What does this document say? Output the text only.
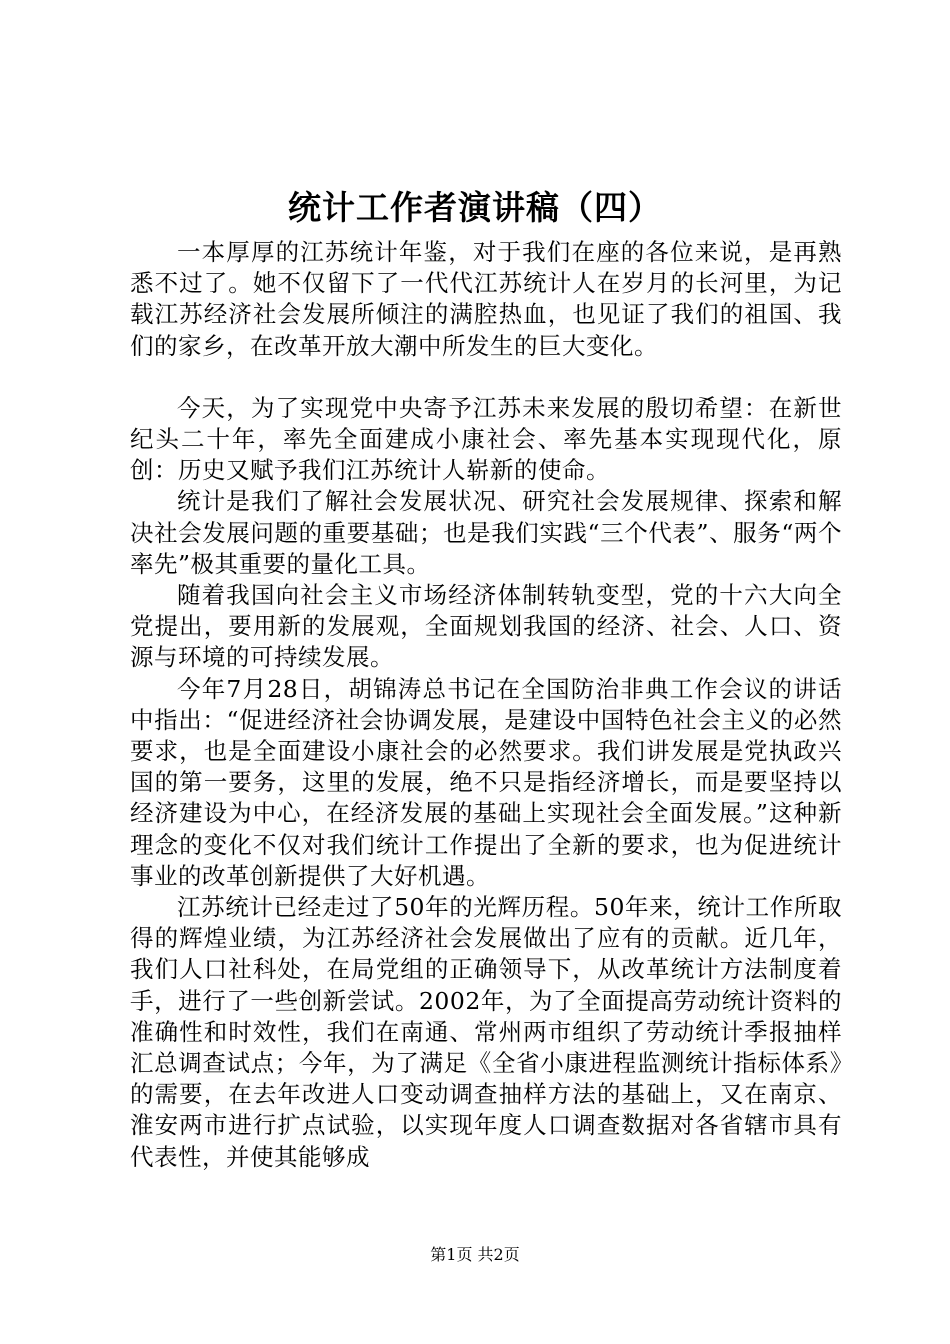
统计工作者演讲稿（四）

一本厚厚的江苏统计年鉴，对于我们在座的各位来说，是再熟悉不过了。她不仅留下了一代代江苏统计人在岁月的长河里，为记载江苏经济社会发展所倾注的满腔热血，也见证了我们的祖国、我们的家乡，在改革开放大潮中所发生的巨大变化。

今天，为了实现党中央寄予江苏未来发展的殷切希望：在新世纪头二十年，率先全面建成小康社会、率先基本实现现代化，原创：历史又赋予我们江苏统计人崭新的使命。

统计是我们了解社会发展状况、研究社会发展规律、探索和解决社会发展问题的重要基础；也是我们实践“三个代表”、服务“两个率先”极其重要的量化工具。

随着我国向社会主义市场经济体制转轨变型，党的十六大向全党提出，要用新的发展观，全面规划我国的经济、社会、人口、资源与环境的可持续发展。

今年7月28日，胡锦涛总书记在全国防治非典工作会议的讲话中指出：“促进经济社会协调发展，是建设中国特色社会主义的必然要求，也是全面建设小康社会的必然要求。我们讲发展是党执政兴国的第一要务，这里的发展，绝不只是指经济增长，而是要坚持以经济建设为中心，在经济发展的基础上实现社会全面发展。”这种新理念的变化不仅对我们统计工作提出了全新的要求，也为促进统计事业的改革创新提供了大好机遇。

江苏统计已经走过了50年的光辉历程。50年来，统计工作所取得的辉煌业绩，为江苏经济社会发展做出了应有的贡献。近几年，我们人口社科处，在局党组的正确领导下，从改革统计方法制度着手，进行了一些创新尝试。2002年，为了全面提高劳动统计资料的准确性和时效性，我们在南通、常州两市组织了劳动统计季报抽样汇总调查试点；今年，为了满足《全省小康进程监测统计指标体系》的需要，在去年改进人口变动调查抽样方法的基础上，又在南京、淮安两市进行扩点试验，以实现年度人口调查数据对各省辖市具有代表性，并使其能够成

第1页 共2页
